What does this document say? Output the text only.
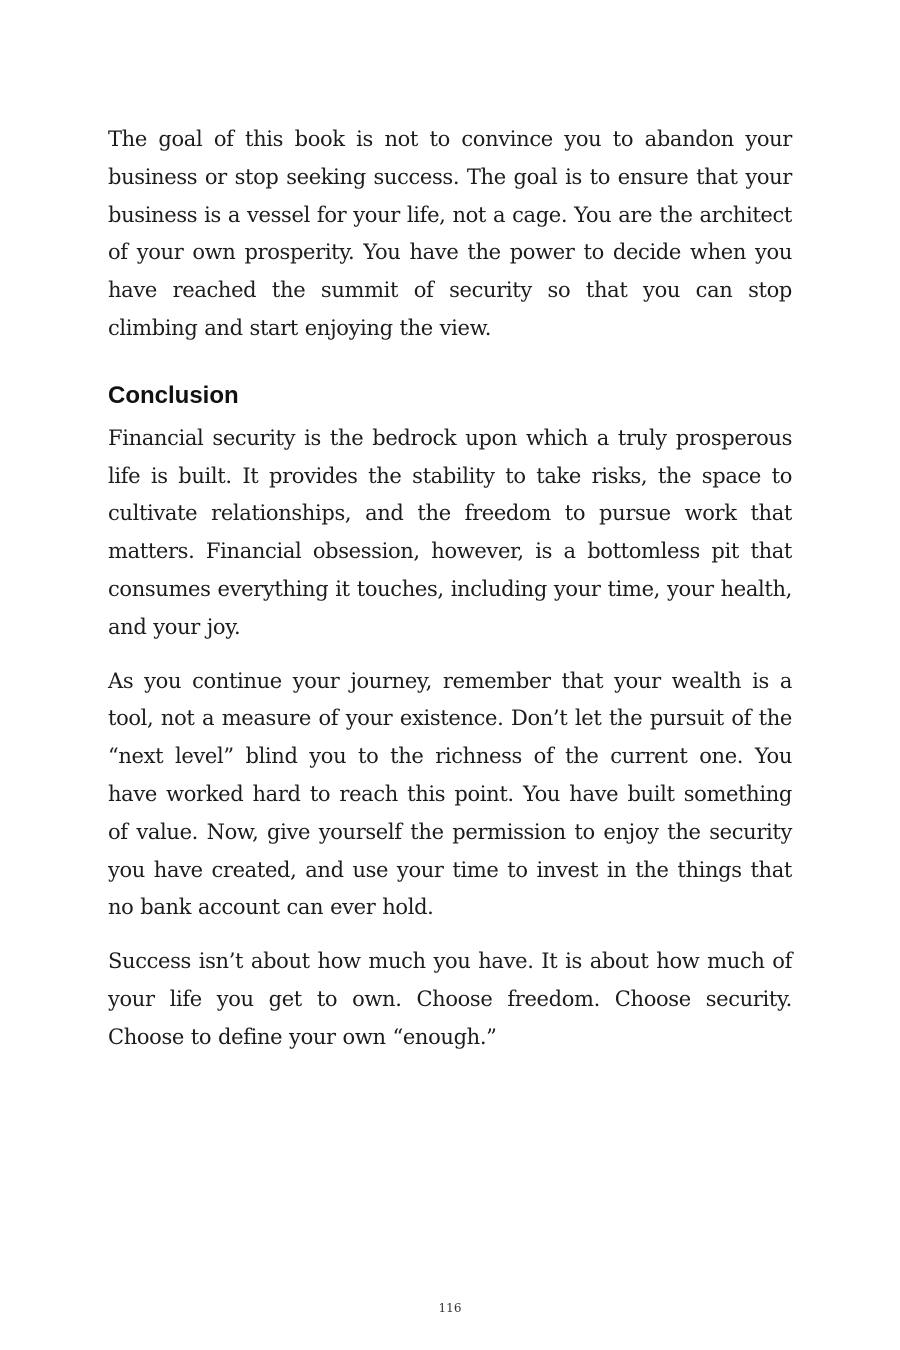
The goal of this book is not to convince you to abandon your business or stop seeking success. The goal is to ensure that your business is a vessel for your life, not a cage. You are the architect of your own prosperity. You have the power to decide when you have reached the summit of security so that you can stop climbing and start enjoying the view.

Conclusion

Financial security is the bedrock upon which a truly prosperous life is built. It provides the stability to take risks, the space to cultivate relationships, and the freedom to pursue work that matters. Financial obsession, however, is a bottomless pit that consumes everything it touches, including your time, your health, and your joy.

As you continue your journey, remember that your wealth is a tool, not a measure of your existence. Don’t let the pursuit of the “next level” blind you to the richness of the current one. You have worked hard to reach this point. You have built something of value. Now, give yourself the permission to enjoy the security you have created, and use your time to invest in the things that no bank account can ever hold.

Success isn’t about how much you have. It is about how much of your life you get to own. Choose freedom. Choose security. Choose to define your own “enough.”

116
